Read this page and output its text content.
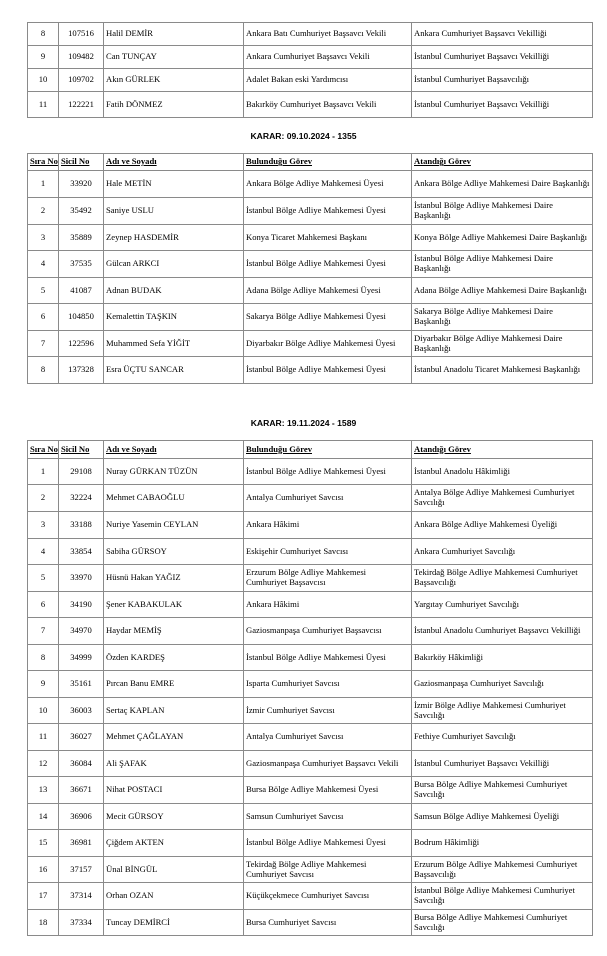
8	107516	Halil DEMİR	Ankara Batı Cumhuriyet Başsavcı Vekili	Ankara Cumhuriyet Başsavcı Vekilliği
9	109482	Can TUNÇAY	Ankara Cumhuriyet Başsavcı Vekili	İstanbul Cumhuriyet Başsavcı Vekilliği
10	109702	Akın GÜRLEK	Adalet Bakan eski Yardımcısı	İstanbul Cumhuriyet Başsavcılığı
11	122221	Fatih DÖNMEZ	Bakırköy Cumhuriyet Başsavcı Vekili	İstanbul Cumhuriyet Başsavcı Vekilliği
KARAR: 09.10.2024 - 1355
Sıra No	Sicil No	Adı ve Soyadı	Bulunduğu Görev	Atandığı Görev
1	33920	Hale METİN	Ankara Bölge Adliye Mahkemesi Üyesi	Ankara Bölge Adliye Mahkemesi Daire Başkanlığı
2	35492	Saniye USLU	İstanbul Bölge Adliye Mahkemesi Üyesi	İstanbul Bölge Adliye Mahkemesi Daire Başkanlığı
3	35889	Zeynep HASDEMİR	Konya Ticaret Mahkemesi Başkanı	Konya Bölge Adliye Mahkemesi Daire Başkanlığı
4	37535	Gülcan ARKCI	İstanbul Bölge Adliye Mahkemesi Üyesi	İstanbul Bölge Adliye Mahkemesi Daire Başkanlığı
5	41087	Adnan BUDAK	Adana Bölge Adliye Mahkemesi Üyesi	Adana Bölge Adliye Mahkemesi Daire Başkanlığı
6	104850	Kemalettin TAŞKIN	Sakarya Bölge Adliye Mahkemesi Üyesi	Sakarya Bölge Adliye Mahkemesi Daire Başkanlığı
7	122596	Muhammed Sefa YİĞİT	Diyarbakır Bölge Adliye Mahkemesi Üyesi	Diyarbakır Bölge Adliye Mahkemesi Daire Başkanlığı
8	137328	Esra ÜÇTU SANCAR	İstanbul Bölge Adliye Mahkemesi Üyesi	İstanbul Anadolu Ticaret Mahkemesi Başkanlığı
KARAR: 19.11.2024 - 1589
Sıra No	Sicil No	Adı ve Soyadı	Bulunduğu Görev	Atandığı Görev
1	29108	Nuray GÜRKAN TÜZÜN	İstanbul Bölge Adliye Mahkemesi Üyesi	İstanbul Anadolu Hâkimliği
2	32224	Mehmet CABAOĞLU	Antalya Cumhuriyet Savcısı	Antalya Bölge Adliye Mahkemesi Cumhuriyet Savcılığı
3	33188	Nuriye Yasemin CEYLAN	Ankara Hâkimi	Ankara Bölge Adliye Mahkemesi Üyeliği
4	33854	Sabiha GÜRSOY	Eskişehir Cumhuriyet Savcısı	Ankara Cumhuriyet Savcılığı
5	33970	Hüsnü Hakan YAĞIZ	Erzurum Bölge Adliye Mahkemesi Cumhuriyet Başsavcısı	Tekirdağ Bölge Adliye Mahkemesi Cumhuriyet Başsavcılığı
6	34190	Şener KABAKULAK	Ankara Hâkimi	Yargıtay Cumhuriyet Savcılığı
7	34970	Haydar MEMİŞ	Gaziosmanpaşa Cumhuriyet Başsavcısı	İstanbul Anadolu Cumhuriyet Başsavcı Vekilliği
8	34999	Özden KARDEŞ	İstanbul Bölge Adliye Mahkemesi Üyesi	Bakırköy Hâkimliği
9	35161	Pırcan Banu EMRE	Isparta Cumhuriyet Savcısı	Gaziosmanpaşa Cumhuriyet Savcılığı
10	36003	Sertaç KAPLAN	İzmir Cumhuriyet Savcısı	İzmir Bölge Adliye Mahkemesi Cumhuriyet Savcılığı
11	36027	Mehmet ÇAĞLAYAN	Antalya Cumhuriyet Savcısı	Fethiye Cumhuriyet Savcılığı
12	36084	Ali ŞAFAK	Gaziosmanpaşa Cumhuriyet Başsavcı Vekili	İstanbul Cumhuriyet Başsavcı Vekilliği
13	36671	Nihat POSTACI	Bursa Bölge Adliye Mahkemesi Üyesi	Bursa Bölge Adliye Mahkemesi Cumhuriyet Savcılığı
14	36906	Mecit GÜRSOY	Samsun Cumhuriyet Savcısı	Samsun Bölge Adliye Mahkemesi Üyeliği
15	36981	Çiğdem AKTEN	İstanbul Bölge Adliye Mahkemesi Üyesi	Bodrum Hâkimliği
16	37157	Ünal BİNGÜL	Tekirdağ Bölge Adliye Mahkemesi Cumhuriyet Savcısı	Erzurum Bölge Adliye Mahkemesi Cumhuriyet Başsavcılığı
17	37314	Orhan OZAN	Küçükçekmece Cumhuriyet Savcısı	İstanbul Bölge Adliye Mahkemesi Cumhuriyet Savcılığı
18	37334	Tuncay DEMİRCİ	Bursa Cumhuriyet Savcısı	Bursa Bölge Adliye Mahkemesi Cumhuriyet Savcılığı
